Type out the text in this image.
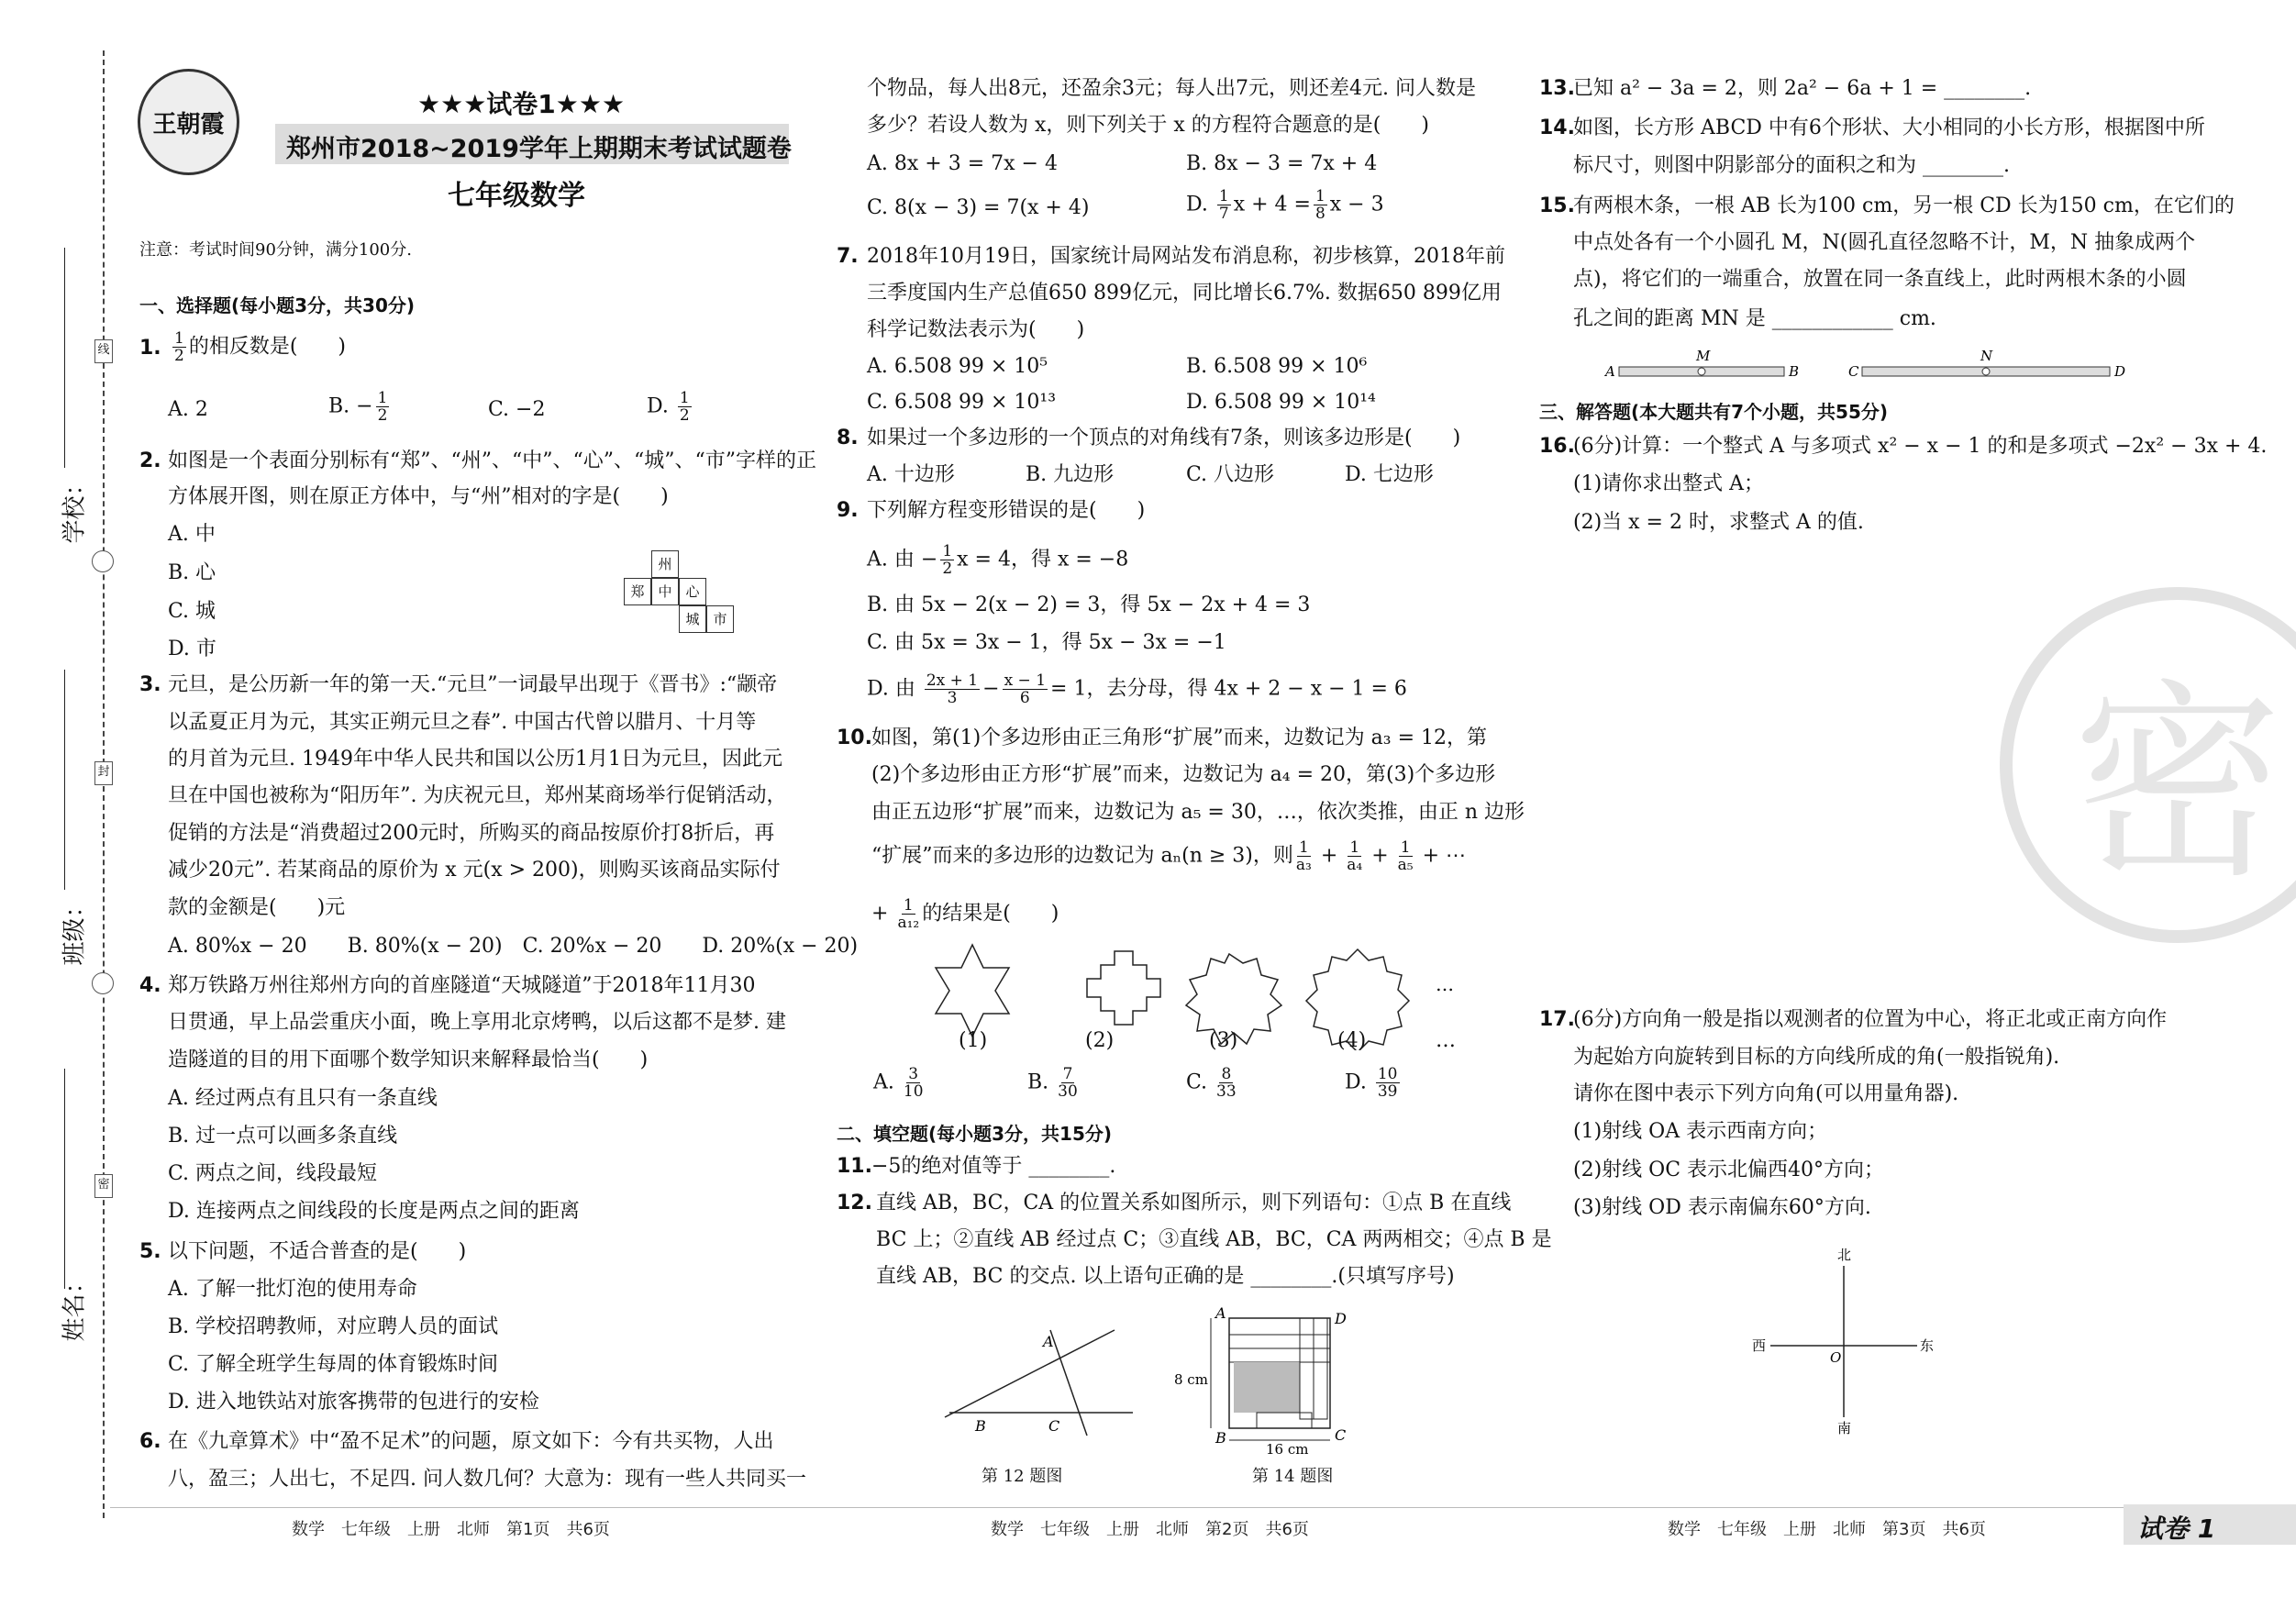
线
封
密
学校：
班级：
姓名：
王朝霞
★★★试卷1★★★
郑州市2018~2019学年上期期末考试试题卷
七年级数学
注意：考试时间90分钟，满分100分.
一、选择题(每小题3分，共30分)
1. $\frac{1}{2}$ 的相反数是(　　)
A. 2	B. − $\frac{1}{2}$	C. −2	D. $\frac{1}{2}$
2. 如图是一个表面分别标有“郑”、“州”、“中”、“心”、“城”、“市”字样的正
方体展开图，则在原正方体中，与“州”相对的字是(　　)
A. 中
B. 心
C. 城
D. 市
州
郑 中 心
城 市
3. 元旦，是公历新一年的第一天.“元旦”一词最早出现于《晋书》:“颛帝
以孟夏正月为元，其实正朔元旦之春”. 中国古代曾以腊月、十月等
的月首为元旦. 1949年中华人民共和国以公历1月1日为元旦，因此元
旦在中国也被称为“阳历年”. 为庆祝元旦，郑州某商场举行促销活动，
促销的方法是“消费超过200元时，所购买的商品按原价打8折后，再
减少20元”. 若某商品的原价为 x 元(x > 200)，则购买该商品实际付
款的金额是(　　)元
A. 80%x − 20　　B. 80%(x − 20)　C. 20%x − 20　　D. 20%(x − 20)
4. 郑万铁路万州往郑州方向的首座隧道“天城隧道”于2018年11月30
日贯通，早上品尝重庆小面，晚上享用北京烤鸭，以后这都不是梦. 建
造隧道的目的用下面哪个数学知识来解释最恰当(　　)
A. 经过两点有且只有一条直线
B. 过一点可以画多条直线
C. 两点之间，线段最短
D. 连接两点之间线段的长度是两点之间的距离
5. 以下问题，不适合普查的是(　　)
A. 了解一批灯泡的使用寿命
B. 学校招聘教师，对应聘人员的面试
C. 了解全班学生每周的体育锻炼时间
D. 进入地铁站对旅客携带的包进行的安检
6. 在《九章算术》中“盈不足术”的问题，原文如下：今有共买物，人出
八，盈三；人出七，不足四. 问人数几何？大意为：现有一些人共同买一
个物品，每人出8元，还盈余3元；每人出7元，则还差4元. 问人数是
多少？若设人数为 x，则下列关于 x 的方程符合题意的是(　　)
A. 8x + 3 = 7x − 4	B. 8x − 3 = 7x + 4
C. 8(x − 3) = 7(x + 4)	D. $\frac{1}{7}$ $x + 4 = \frac{1}{8}$ x − 3
7. 2018年10月19日，国家统计局网站发布消息称，初步核算，2018年前
三季度国内生产总值650 899亿元，同比增长6.7%. 数据650 899亿用
科学记数法表示为(　　)
A. 6.508 99 × 10⁵	B. 6.508 99 × 10⁶
C. 6.508 99 × 10¹³	D. 6.508 99 × 10¹⁴
8. 如果过一个多边形的一个顶点的对角线有7条，则该多边形是(　　)
A. 十边形	B. 九边形	C. 八边形	D. 七边形
9. 下列解方程变形错误的是(　　)
A. 由 − $\frac{1}{2}$ x = 4，得 x = −8
B. 由 5x − 2(x − 2) = 3，得 5x − 2x + 4 = 3
C. 由 5x = 3x − 1，得 5x − 3x = −1
D. 由 $\frac{2x + 1}{3} - \frac{x - 1}{6} = 1$，去分母，得 4x + 2 − x − 1 = 6
10. 如图，第(1)个多边形由正三角形“扩展”而来，边数记为 a₃ = 12，第
(2)个多边形由正方形“扩展”而来，边数记为 a₄ = 20，第(3)个多边形
由正五边形“扩展”而来，边数记为 a₅ = 30，…，依次类推，由正 n 边形
“扩展”而来的多边形的边数记为 aₙ(n ≥ 3)，则 $\frac{1}{\text{a₃}} + \frac{1}{\text{a₄}} + \frac{1}{\text{a₅}}$ + ⋯
+ $\frac{1}{\text{a₁₂}}$ 的结果是(　　)
…
(1)	(2)	(3)	(4)	…
A. $\frac{3}{10}$	B. $\frac{7}{30}$	C. $\frac{8}{33}$	D. $\frac{10}{39}$
二、填空题(每小题3分，共15分)
11. −5的绝对值等于 ________.
12. 直线 AB，BC，CA 的位置关系如图所示，则下列语句：①点 B 在直线
BC 上；②直线 AB 经过点 C；③直线 AB，BC，CA 两两相交；④点 B 是
直线 AB，BC 的交点. 以上语句正确的是 ________.(只填写序号)
A
B	C
第 12 题图
A
B	C
D
8 cm
16 cm
第 14 题图
13.
已知 a² − 3a = 2，则 2a² − 6a + 1 = ________.
14.
如图，长方形 ABCD 中有6个形状、大小相同的小长方形，根据图中所
标尺寸，则图中阴影部分的面积之和为 ________.
15.
有两根木条，一根 AB 长为100 cm，另一根 CD 长为150 cm，在它们的
中点处各有一个小圆孔 M，N(圆孔直径忽略不计，M，N 抽象成两个
点)，将它们的一端重合，放置在同一条直线上，此时两根木条的小圆
孔之间的距离 MN 是 ____________ cm.
A
M
B	C
N
D
三、解答题(本大题共有7个小题，共55分)
16.
(6分)计算：一个整式 A 与多项式 x² − x − 1 的和是多项式 −2x² − 3x + 4.
(1)请你求出整式 A；
(2)当 x = 2 时，求整式 A 的值.
密
17.
(6分)方向角一般是指以观测者的位置为中心，将正北或正南方向作
为起始方向旋转到目标的方向线所成的角(一般指锐角).
请你在图中表示下列方向角(可以用量角器).
(1)射线 OA 表示西南方向；
(2)射线 OC 表示北偏西40°方向；
(3)射线 OD 表示南偏东60°方向.
北
南
西	东
O
数学　七年级　上册　北师　第1页　共6页	数学　七年级　上册　北师　第2页　共6页	数学　七年级　上册　北师　第3页　共6页	试卷 1
